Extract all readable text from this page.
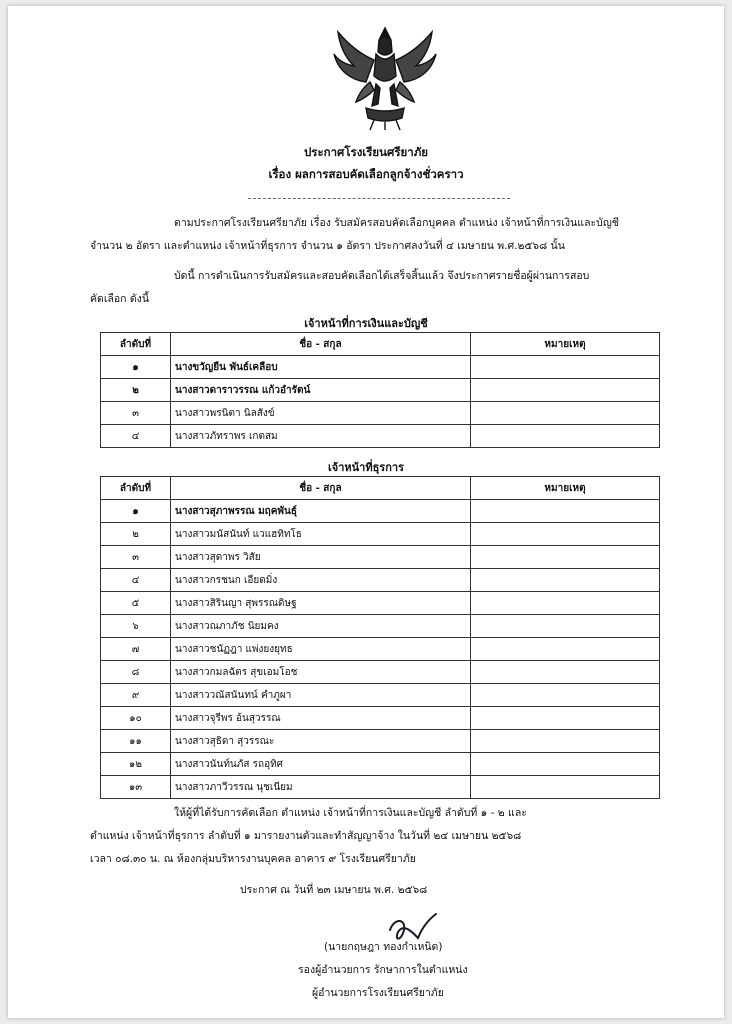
ประกาศโรงเรียนศรียาภัย
เรื่อง ผลการสอบคัดเลือกลูกจ้างชั่วคราว
ตามประกาศโรงเรียนศรียาภัย เรื่อง รับสมัครสอบคัดเลือกบุคคล ตำแหน่ง เจ้าหน้าที่การเงินและบัญชี
จำนวน ๒ อัตรา และตำแหน่ง เจ้าหน้าที่ธุรการ จำนวน ๑ อัตรา ประกาศลงวันที่ ๔ เมษายน พ.ศ.๒๕๖๘ นั้น
บัดนี้ การดำเนินการรับสมัครและสอบคัดเลือกได้เสร็จสิ้นแล้ว จึงประกาศรายชื่อผู้ผ่านการสอบ
คัดเลือก ดังนี้
เจ้าหน้าที่การเงินและบัญชี
ลำดับที่	ชื่อ - สกุล	หมายเหตุ
๑	นางขวัญยืน พันธ์เคลือบ	
๒	นางสาวดาราวรรณ แก้วอำรัตน์	
๓	นางสาวพรนิตา นิลสังข์	
๔	นางสาวภัทราพร เกตสม	
เจ้าหน้าที่ธุรการ
ลำดับที่	ชื่อ - สกุล	หมายเหตุ
๑	นางสาวสุภาพรรณ มฤคพันธุ์	
๒	นางสาวมนัสนันท์ แวแฮทิทโธ	
๓	นางสาวสุดาพร วิสัย	
๔	นางสาวกรชนก เอียดมิ่ง	
๕	นางสาวสิรินญา สุพรรณดิษฐ	
๖	นางสาวณภาภัช นิยมคง	
๗	นางสาวชนัฏฎา แพ่งยงยุทธ	
๘	นางสาวกมลฉัตร สุขเอมโอช	
๙	นางสาววณัสนันทน์ คำภูผา	
๑๐	นางสาวจุรีพร อ้นสุวรรณ	
๑๑	นางสาวสุธิดา สุวรรณะ	
๑๒	นางสาวนันท์นภัส รถอุทิศ	
๑๓	นางสาวภาวีวรรณ นุชเนียม	
ให้ผู้ที่ได้รับการคัดเลือก ตำแหน่ง เจ้าหน้าที่การเงินและบัญชี ลำดับที่ ๑ - ๒ และ
ตำแหน่ง เจ้าหน้าที่ธุรการ ลำดับที่ ๑ มารายงานตัวและทำสัญญาจ้าง ในวันที่ ๒๔ เมษายน ๒๕๖๘
เวลา ๐๘.๓๐ น. ณ ห้องกลุ่มบริหารงานบุคคล อาคาร ๙ โรงเรียนศรียาภัย
ประกาศ ณ วันที่ ๒๓ เมษายน พ.ศ. ๒๕๖๘
(นายกฤษฎา ทองกำเหนิด)
รองผู้อำนวยการ รักษาการในตำแหน่ง
ผู้อำนวยการโรงเรียนศรียาภัย
